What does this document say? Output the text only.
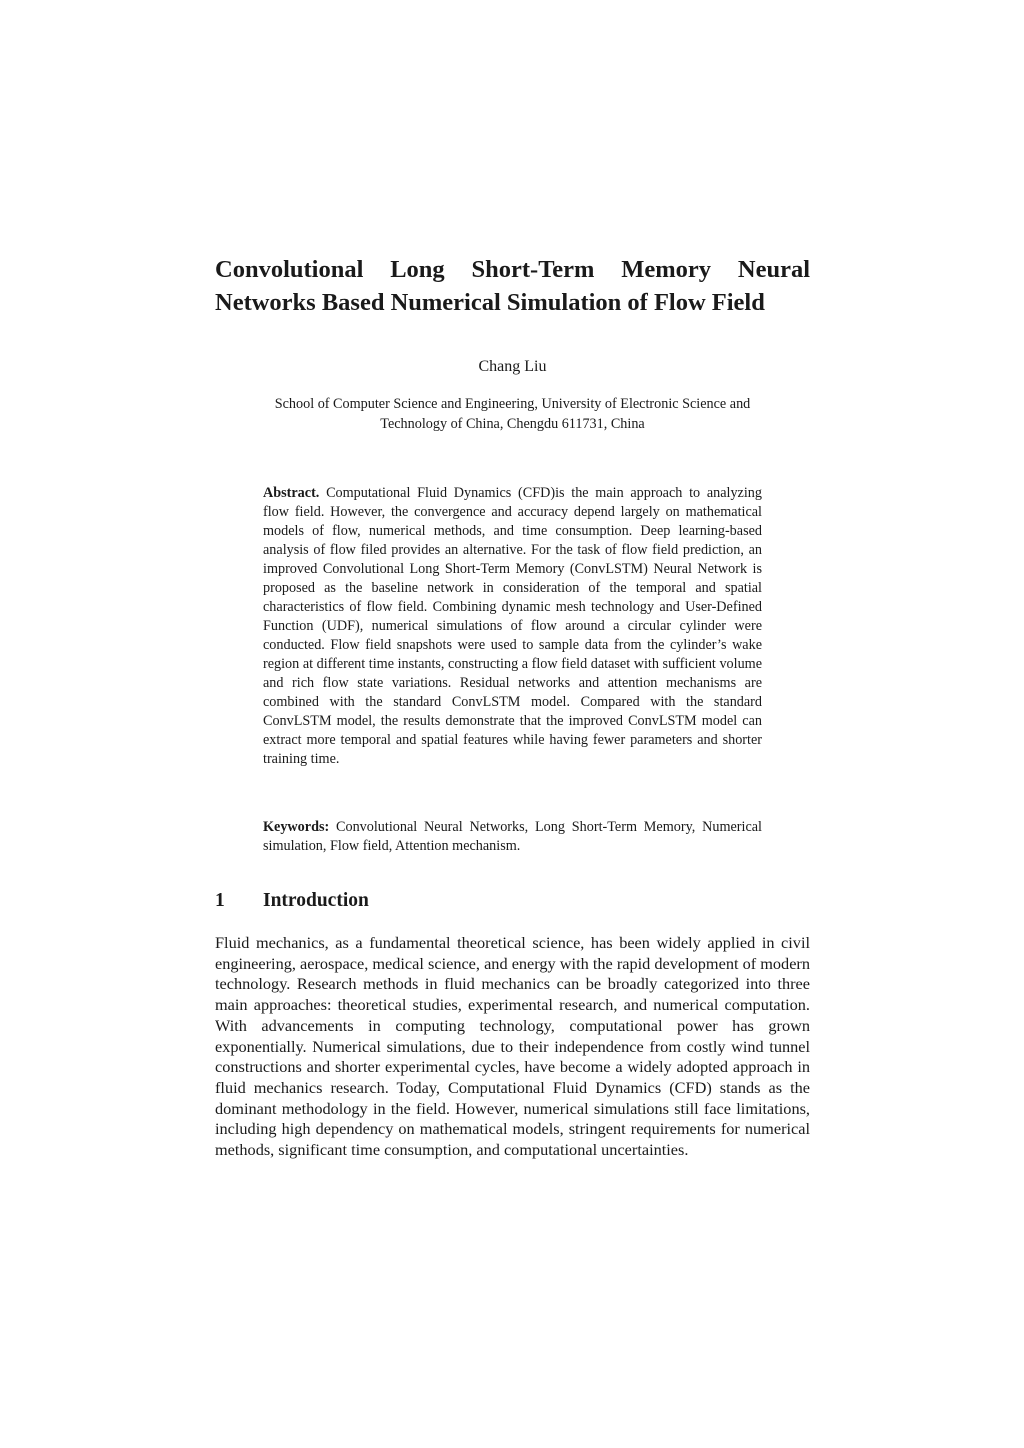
Convolutional Long Short-Term Memory Neural Networks Based Numerical Simulation of Flow Field

Chang Liu

School of Computer Science and Engineering, University of Electronic Science and
Technology of China, Chengdu 611731, China

Abstract. Computational Fluid Dynamics (CFD)is the main approach to analyzing flow field. However, the convergence and accuracy depend largely on mathematical models of flow, numerical methods, and time consumption. Deep learning-based analysis of flow filed provides an alternative. For the task of flow field prediction, an improved Convolutional Long Short-Term Memory (ConvLSTM) Neural Network is proposed as the baseline network in consideration of the temporal and spatial characteristics of flow field. Combining dynamic mesh technology and User-Defined Function (UDF), numerical simulations of flow around a circular cylinder were conducted. Flow field snapshots were used to sample data from the cylinder’s wake region at different time instants, constructing a flow field dataset with sufficient volume and rich flow state variations. Residual networks and attention mechanisms are combined with the standard ConvLSTM model. Compared with the standard ConvLSTM model, the results demonstrate that the improved ConvLSTM model can extract more temporal and spatial features while having fewer parameters and shorter training time.

Keywords: Convolutional Neural Networks, Long Short-Term Memory, Numerical simulation, Flow field, Attention mechanism.

1 Introduction

Fluid mechanics, as a fundamental theoretical science, has been widely applied in civil engineering, aerospace, medical science, and energy with the rapid development of modern technology. Research methods in fluid mechanics can be broadly categorized into three main approaches: theoretical studies, experimental research, and numerical computation. With advancements in computing technology, computational power has grown exponentially. Numerical simulations, due to their independence from costly wind tunnel constructions and shorter experimental cycles, have become a widely adopted approach in fluid mechanics research. Today, Computational Fluid Dynamics (CFD) stands as the dominant methodology in the field. However, numerical simulations still face limitations, including high dependency on mathematical models, stringent requirements for numerical methods, significant time consumption, and computational uncertainties.
